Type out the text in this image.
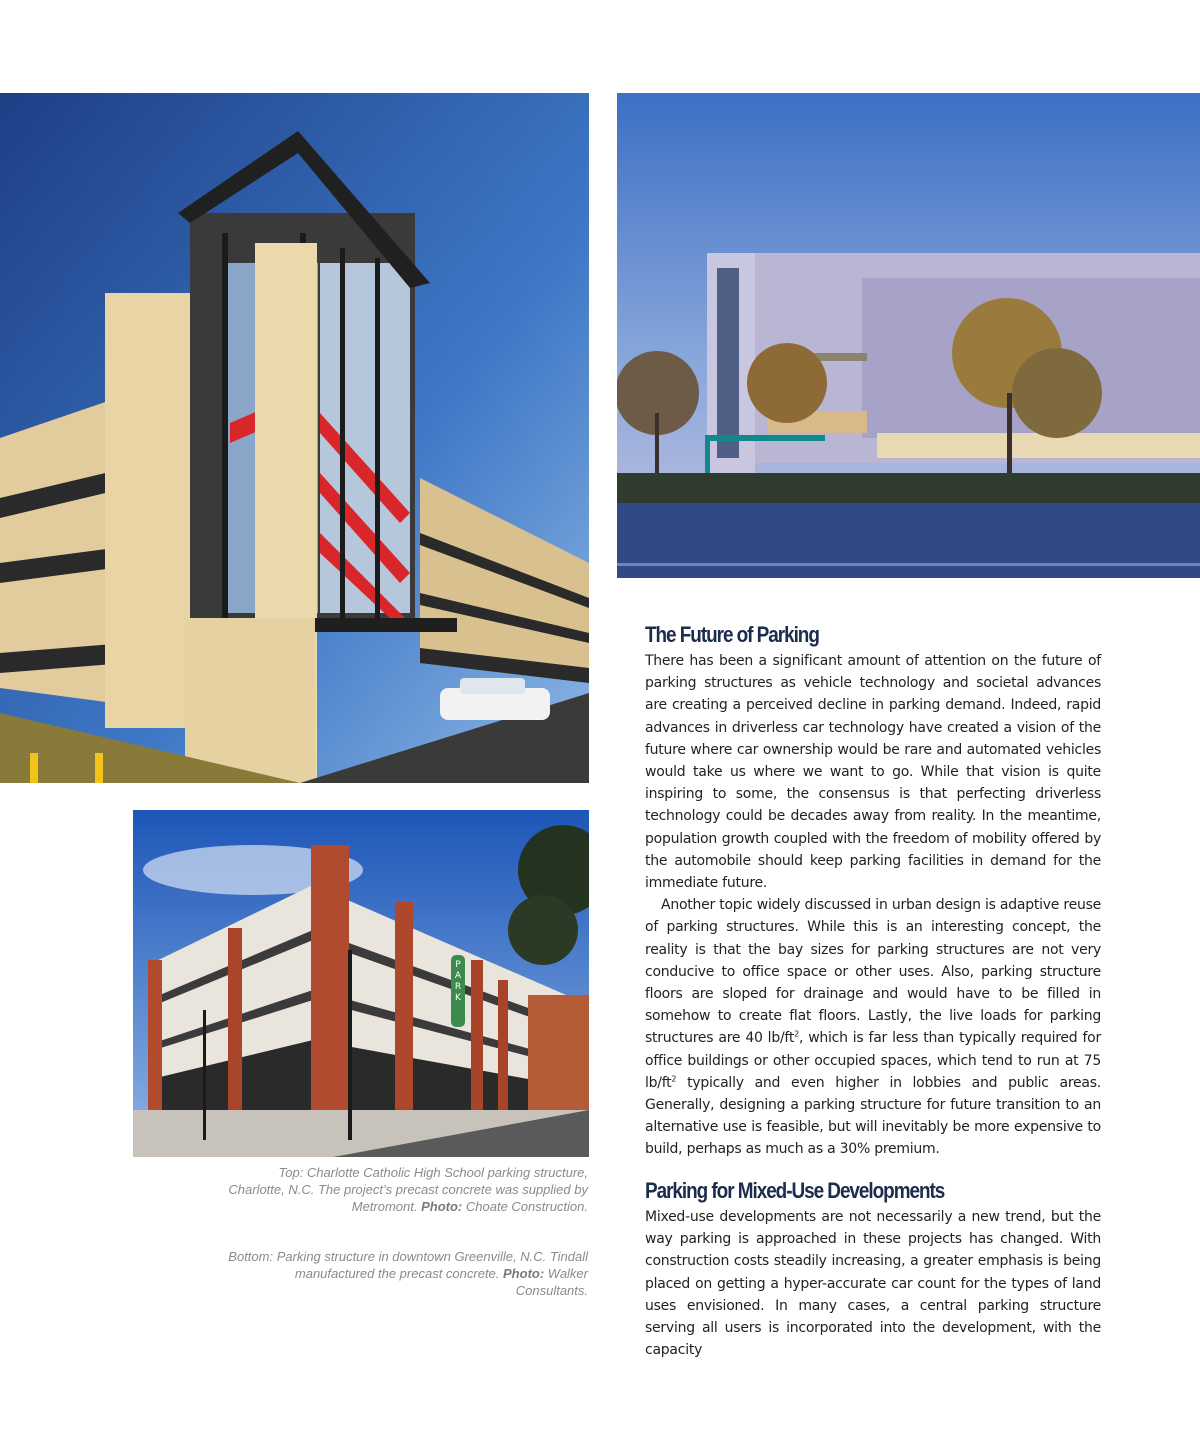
PARK
Top: Charlotte Catholic High School parking structure, Charlotte, N.C. The project’s precast concrete was supplied by Metromont. Photo: Choate Construction.
Bottom: Parking structure in downtown Greenville, N.C. Tindall manufactured the precast concrete. Photo: Walker Consultants.
The Future of Parking

There has been a significant amount of attention on the future of parking structures as vehicle technology and societal advances are creating a perceived decline in parking demand. Indeed, rapid advances in driverless car technology have created a vision of the future where car ownership would be rare and automated vehicles would take us where we want to go. While that vision is quite inspiring to some, the consensus is that perfecting driverless technology could be decades away from reality. In the meantime, population growth coupled with the freedom of mobility offered by the automobile should keep parking facilities in demand for the immediate future.

Another topic widely discussed in urban design is adaptive reuse of parking structures. While this is an interesting concept, the reality is that the bay sizes for parking structures are not very conducive to office space or other uses. Also, parking structure floors are sloped for drainage and would have to be filled in somehow to create flat floors. Lastly, the live loads for parking structures are 40 $lb/ft^2$, which is far less than typically required for office buildings or other occupied spaces, which tend to run at 75 $lb/ft^2$ typically and even higher in lobbies and public areas. Generally, designing a parking structure for future transition to an alternative use is feasible, but will inevitably be more expensive to build, perhaps as much as a 30% premium.

Parking for Mixed-Use Developments

Mixed-use developments are not necessarily a new trend, but the way parking is approached in these projects has changed. With construction costs steadily increasing, a greater emphasis is being placed on getting a hyper-accurate car count for the types of land uses envisioned. In many cases, a central parking structure serving all users is incorporated into the development, with the capacity
